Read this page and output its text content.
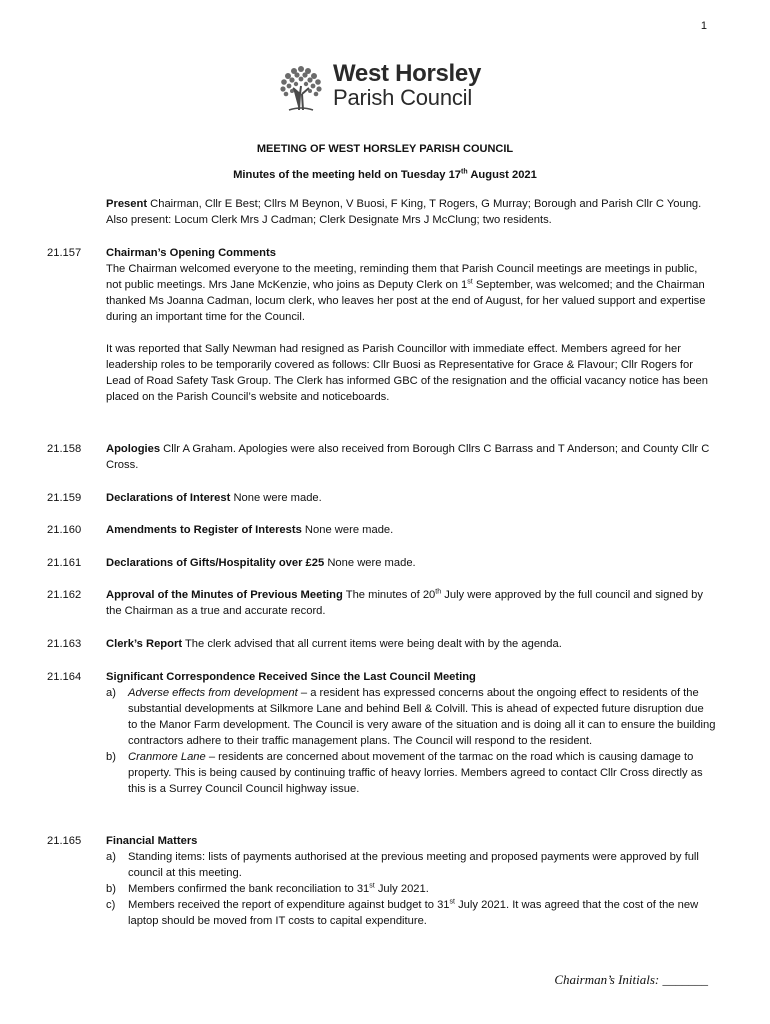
1
West Horsley
Parish Council
MEETING OF WEST HORSLEY PARISH COUNCIL
Minutes of the meeting held on Tuesday 17th August 2021
Present Chairman, Cllr E Best; Cllrs M Beynon, V Buosi, F King, T Rogers, G Murray; Borough and Parish Cllr C Young. Also present: Locum Clerk Mrs J Cadman; Clerk Designate Mrs J McClung; two residents.
21.157 Chairman’s Opening Comments

The Chairman welcomed everyone to the meeting, reminding them that Parish Council meetings are meetings in public, not public meetings. Mrs Jane McKenzie, who joins as Deputy Clerk on 1st September, was welcomed; and the Chairman thanked Ms Joanna Cadman, locum clerk, who leaves her post at the end of August, for her valued support and expertise during an important time for the Council.

It was reported that Sally Newman had resigned as Parish Councillor with immediate effect. Members agreed for her leadership roles to be temporarily covered as follows: Cllr Buosi as Representative for Grace & Flavour; Cllr Rogers for Lead of Road Safety Task Group. The Clerk has informed GBC of the resignation and the official vacancy notice has been placed on the Parish Council’s website and noticeboards.

21.158 Apologies Cllr A Graham. Apologies were also received from Borough Cllrs C Barrass and T Anderson; and County Cllr C Cross.
21.159 Declarations of Interest None were made.
21.160 Amendments to Register of Interests None were made.
21.161 Declarations of Gifts/Hospitality over £25 None were made.
21.162 Approval of the Minutes of Previous Meeting The minutes of 20th July were approved by the full council and signed by the Chairman as a true and accurate record.
21.163 Clerk’s Report The clerk advised that all current items were being dealt with by the agenda.
21.164 Significant Correspondence Received Since the Last Council Meeting
a) Adverse effects from development – a resident has expressed concerns about the ongoing effect to residents of the substantial developments at Silkmore Lane and behind Bell & Colvill. This is ahead of expected future disruption due to the Manor Farm development. The Council is very aware of the situation and is doing all it can to ensure the building contractors adhere to their traffic management plans. The Council will respond to the resident.
b) Cranmore Lane – residents are concerned about movement of the tarmac on the road which is causing damage to property. This is being caused by continuing traffic of heavy lorries. Members agreed to contact Cllr Cross directly as this is a Surrey Council Council highway issue.
21.165 Financial Matters
a) Standing items: lists of payments authorised at the previous meeting and proposed payments were approved by full council at this meeting.
b) Members confirmed the bank reconciliation to 31st July 2021.
c) Members received the report of expenditure against budget to 31st July 2021. It was agreed that the cost of the new laptop should be moved from IT costs to capital expenditure.
Chairman’s Initials: _______
